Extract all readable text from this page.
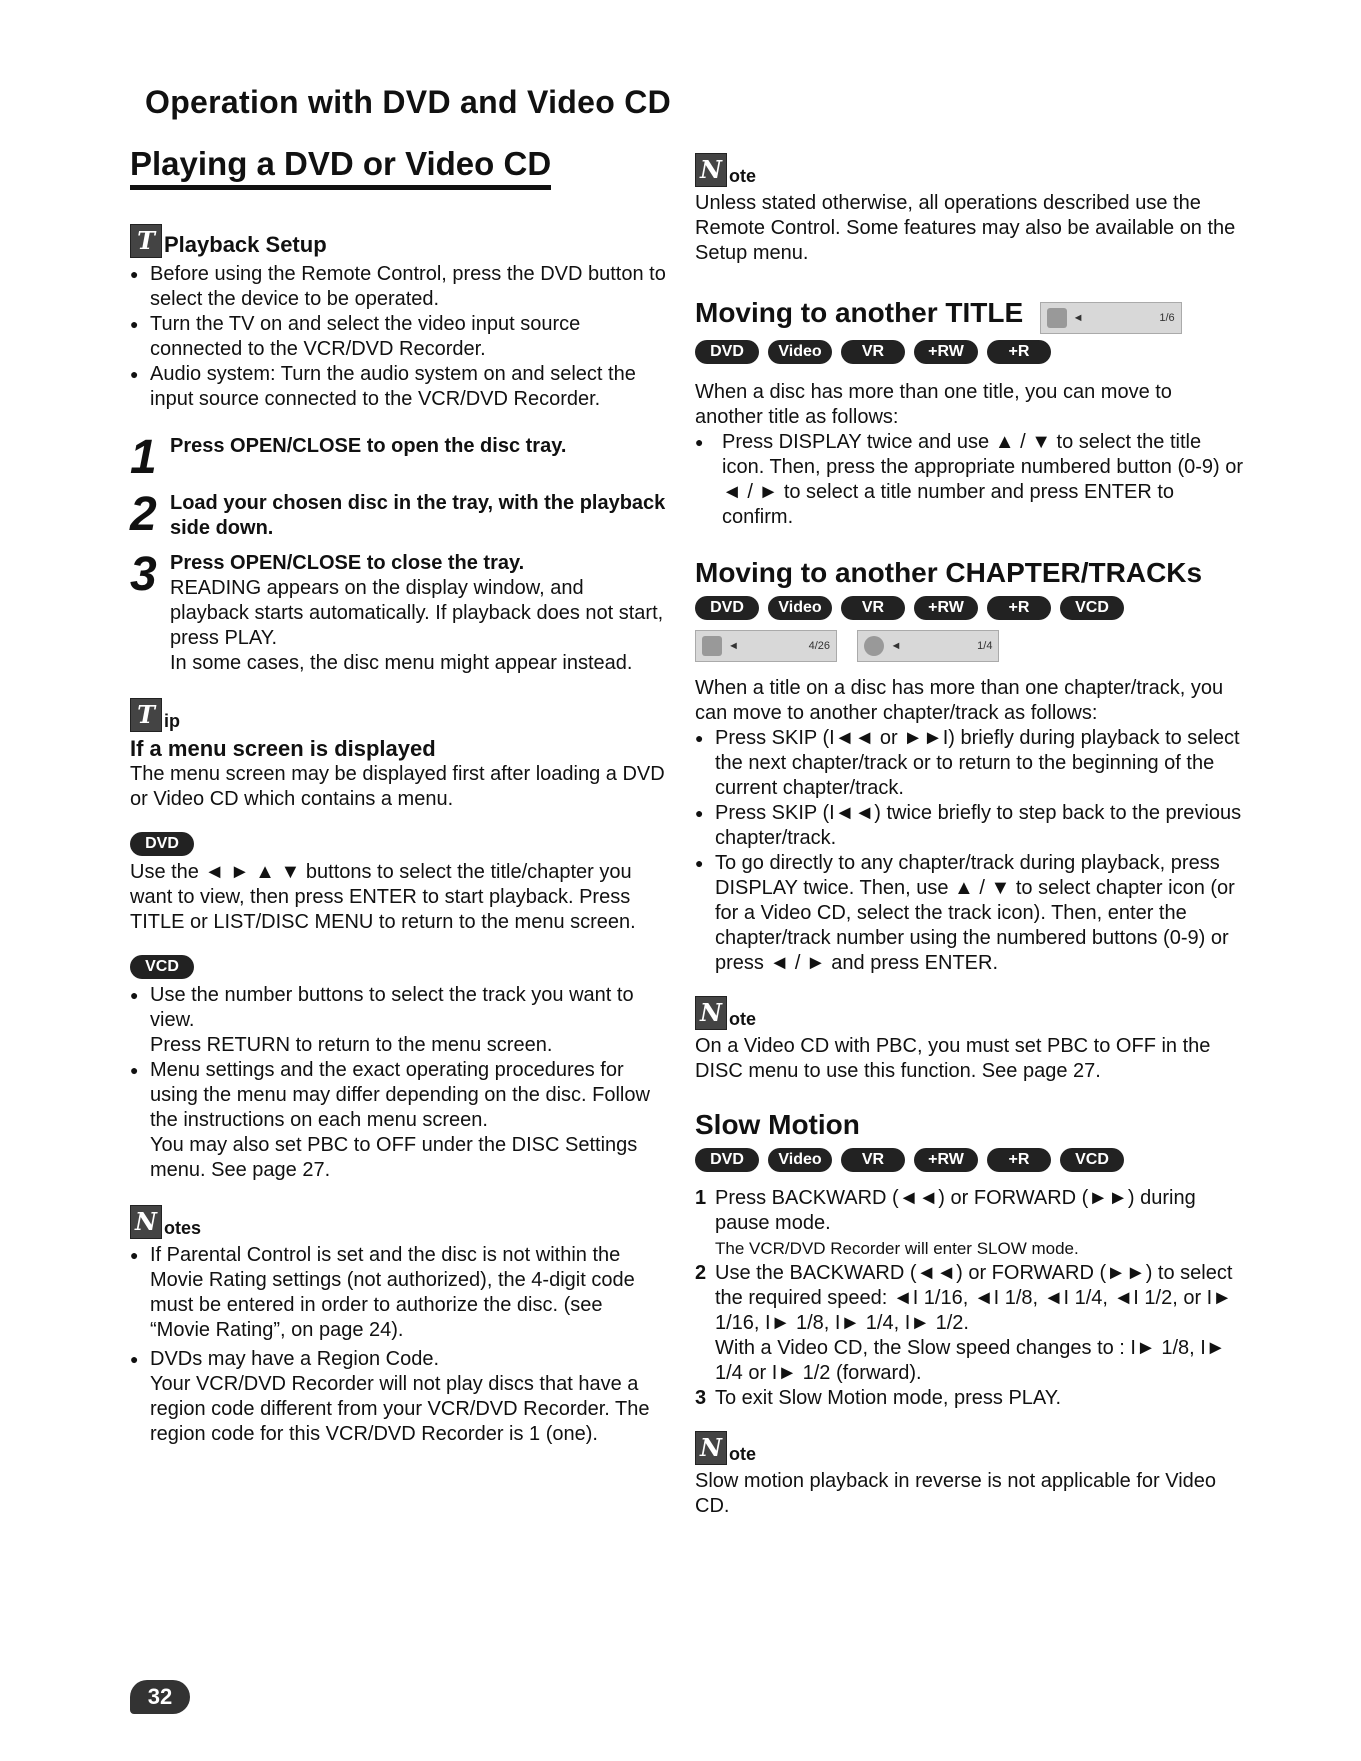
Operation with DVD and Video CD
Playing a DVD or Video CD
T Playback Setup

● Before using the Remote Control, press the DVD button to select the device to be operated.

● Turn the TV on and select the video input source connected to the VCR/DVD Recorder.

● Audio system: Turn the audio system on and select the input source connected to the VCR/DVD Recorder.

1 Press OPEN/CLOSE to open the disc tray.
2 Load your chosen disc in the tray, with the playback side down.
3 Press OPEN/CLOSE to close the tray.

READING appears on the display window, and playback starts automatically. If playback does not start, press PLAY.

In some cases, the disc menu might appear instead.

T ip

If a menu screen is displayed

The menu screen may be displayed first after loading a DVD or Video CD which contains a menu.

DVD

Use the ◄ ► ▲ ▼ buttons to select the title/chapter you want to view, then press ENTER to start playback. Press TITLE or LIST/DISC MENU to return to the menu screen.

VCD

● Use the number buttons to select the track you want to view.

Press RETURN to return to the menu screen.

● Menu settings and the exact operating procedures for using the menu may differ depending on the disc. Follow the instructions on each menu screen.

You may also set PBC to OFF under the DISC Settings menu. See page 27.

N otes

● If Parental Control is set and the disc is not within the Movie Rating settings (not authorized), the 4-digit code must be entered in order to authorize the disc. (see “Movie Rating”, on page 24).

● DVDs may have a Region Code.

Your VCR/DVD Recorder will not play discs that have a region code different from your VCR/DVD Recorder. The region code for this VCR/DVD Recorder is 1 (one).

N ote

Unless stated otherwise, all operations described use the Remote Control. Some features may also be available on the Setup menu.

Moving to another TITLE	◄	1/6
DVD Video	VR	+RW	+R

When a disc has more than one title, you can move to another title as follows:

● Press DISPLAY twice and use ▲ / ▼ to select the title icon. Then, press the appropriate numbered button (0-9) or ◄ / ► to select a title number and press ENTER to confirm.

Moving to another CHAPTER/TRACKs
DVD Video	VR	+RW	+R	VCD
◄	4/26
	◄	1/4

When a title on a disc has more than one chapter/track, you can move to another chapter/track as follows:

● Press SKIP (I◄◄ or ►►I) briefly during playback to select the next chapter/track or to return to the beginning of the current chapter/track.

● Press SKIP (I◄◄) twice briefly to step back to the previous chapter/track.

● To go directly to any chapter/track during playback, press DISPLAY twice. Then, use ▲ / ▼ to select chapter icon (or for a Video CD, select the track icon). Then, enter the chapter/track number using the numbered buttons (0-9) or press ◄ / ► and press ENTER.

N ote

On a Video CD with PBC, you must set PBC to OFF in the DISC menu to use this function. See page 27.

Slow Motion
DVD Video	VR	+RW	+R	VCD
1 Press BACKWARD (◄◄) or FORWARD (►►) during pause mode.
The VCR/DVD Recorder will enter SLOW mode.
2 Use the BACKWARD (◄◄) or FORWARD (►►) to select the required speed: ◄I 1/16, ◄I 1/8, ◄I 1/4, ◄I 1/2, or I► 1/16, I► 1/8, I► 1/4, I► 1/2.
With a Video CD, the Slow speed changes to : I► 1/8, I► 1/4 or I► 1/2 (forward).
3 To exit Slow Motion mode, press PLAY.
N ote

Slow motion playback in reverse is not applicable for Video CD.

32
